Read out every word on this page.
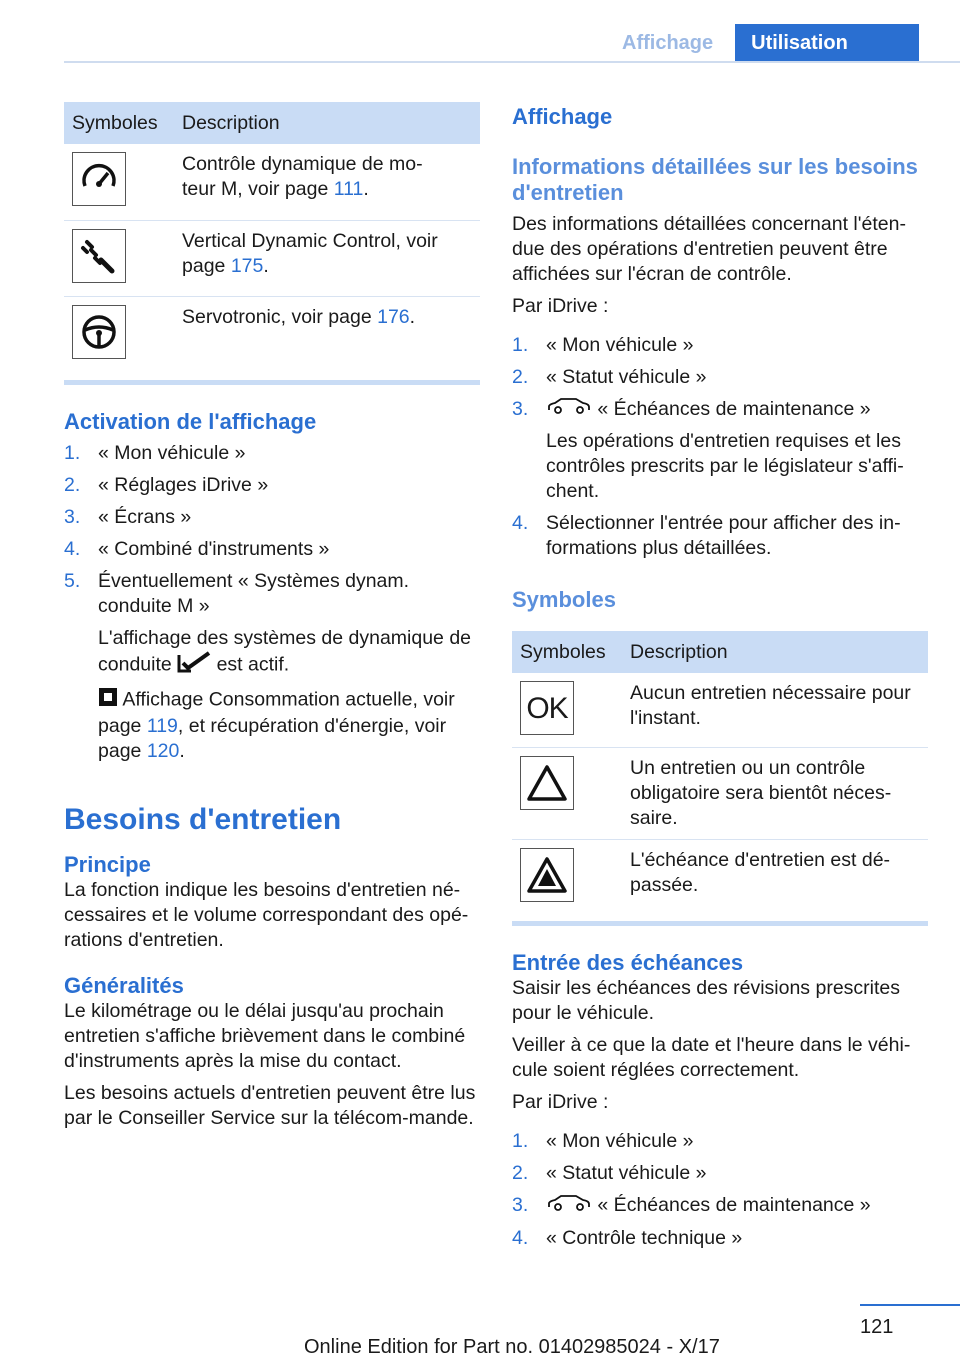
Affichage	Utilisation
Symboles	Description

	Contrôle dynamique de mo-
teur M, voir page 111.

	Vertical Dynamic Control, voir
page 175.

	Servotronic, voir page 176.
Activation de l'affichage
1. « Mon véhicule »
2. « Réglages iDrive »
3. « Écrans »
4. « Combiné d'instruments »
5. Éventuellement « Systèmes dynam. conduite M »
L'affichage des systèmes de dynamique de conduite est actif.
Affichage Consommation actuelle, voir page 119, et récupération d'énergie, voir page 120.
Besoins d'entretien
Principe

La fonction indique les besoins d'entretien né-cessaires et le volume correspondant des opé-rations d'entretien.

Généralités

Le kilométrage ou le délai jusqu'au prochain entretien s'affiche brièvement dans le combiné d'instruments après la mise du contact.

Les besoins actuels d'entretien peuvent être lus par le Conseiller Service sur la télécom-mande.

Affichage
Informations détaillées sur les besoins d'entretien

Des informations détaillées concernant l'éten-due des opérations d'entretien peuvent être affichées sur l'écran de contrôle.

Par iDrive :

1. « Mon véhicule »
2. « Statut véhicule »
3.	« Échéances de maintenance »
Les opérations d'entretien requises et les contrôles prescrits par le législateur s'affi-chent.
4. Sélectionner l'entrée pour afficher des in-formations plus détaillées.
Symboles
Symboles	Description

OK	Aucun entretien nécessaire pour l'instant.

	Un entretien ou un contrôle obligatoire sera bientôt néces-saire.

	L'échéance d'entretien est dé-passée.
Entrée des échéances

Saisir les échéances des révisions prescrites pour le véhicule.

Veiller à ce que la date et l'heure dans le véhi-cule soient réglées correctement.

Par iDrive :

1. « Mon véhicule »
2. « Statut véhicule »
3.	« Échéances de maintenance »
4. « Contrôle technique »
121
Online Edition for Part no. 01402985024 - X/17
